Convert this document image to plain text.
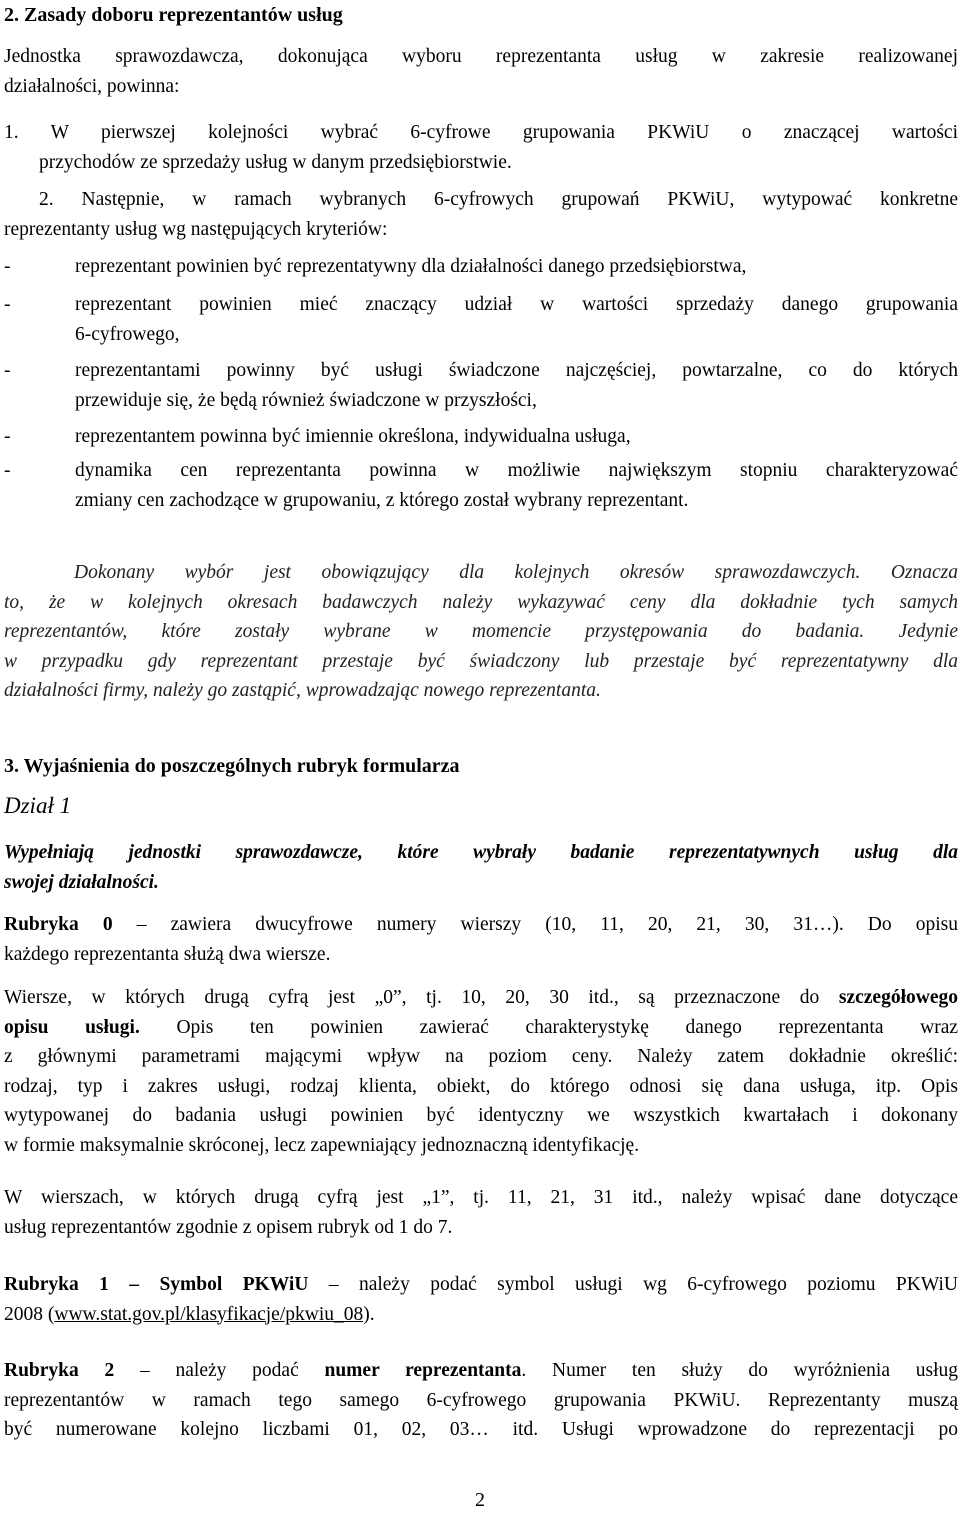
2. Zasady doboru reprezentantów usług

Jednostka sprawozdawcza, dokonująca wyboru reprezentanta usług w zakresie realizowanej

działalności, powinna:

1. W pierwszej kolejności wybrać 6-cyfrowe grupowania PKWiU o znaczącej wartości

przychodów ze sprzedaży usług w danym przedsiębiorstwie.

2. Następnie, w ramach wybranych 6-cyfrowych grupowań PKWiU, wytypować konkretne

reprezentanty usług wg następujących kryteriów:

-	reprezentant powinien być reprezentatywny dla działalności danego przedsiębiorstwa,

-	reprezentant powinien mieć znaczący udział w wartości sprzedaży danego grupowania

6-cyfrowego,

-	reprezentantami powinny być usługi świadczone najczęściej, powtarzalne, co do których

przewiduje się, że będą również świadczone w przyszłości,

-	reprezentantem powinna być imiennie określona, indywidualna usługa,

-	dynamika cen reprezentanta powinna w możliwie największym stopniu charakteryzować

zmiany cen zachodzące w grupowaniu, z którego został wybrany reprezentant.

Dokonany wybór jest obowiązujący dla kolejnych okresów sprawozdawczych. Oznacza

to, że w kolejnych okresach badawczych należy wykazywać ceny dla dokładnie tych samych

reprezentantów, które zostały wybrane w momencie przystępowania do badania. Jedynie

w przypadku gdy reprezentant przestaje być świadczony lub przestaje być reprezentatywny dla

działalności firmy, należy go zastąpić, wprowadzając nowego reprezentanta.

3. Wyjaśnienia do poszczególnych rubryk formularza
Dział 1

Wypełniają jednostki sprawozdawcze, które wybrały badanie reprezentatywnych usług dla

swojej działalności.

Rubryka 0 – zawiera dwucyfrowe numery wierszy (10, 11, 20, 21, 30, 31…). Do opisu

każdego reprezentanta służą dwa wiersze.

Wiersze, w których drugą cyfrą jest „0”, tj. 10, 20, 30 itd., są przeznaczone do szczegółowego

opisu usługi. Opis ten powinien zawierać charakterystykę danego reprezentanta wraz

z głównymi parametrami mającymi wpływ na poziom ceny. Należy zatem dokładnie określić:

rodzaj, typ i zakres usługi, rodzaj klienta, obiekt, do którego odnosi się dana usługa, itp. Opis

wytypowanej do badania usługi powinien być identyczny we wszystkich kwartałach i dokonany

w formie maksymalnie skróconej, lecz zapewniający jednoznaczną identyfikację.

W wierszach, w których drugą cyfrą jest „1”, tj. 11, 21, 31 itd., należy wpisać dane dotyczące

usług reprezentantów zgodnie z opisem rubryk od 1 do 7.

Rubryka 1 – Symbol PKWiU – należy podać symbol usługi wg 6-cyfrowego poziomu PKWiU

2008 (www.stat.gov.pl/klasyfikacje/pkwiu_08).

Rubryka 2 – należy podać numer reprezentanta. Numer ten służy do wyróżnienia usług

reprezentantów w ramach tego samego 6-cyfrowego grupowania PKWiU. Reprezentanty muszą

być numerowane kolejno liczbami 01, 02, 03… itd. Usługi wprowadzone do reprezentacji po

2
